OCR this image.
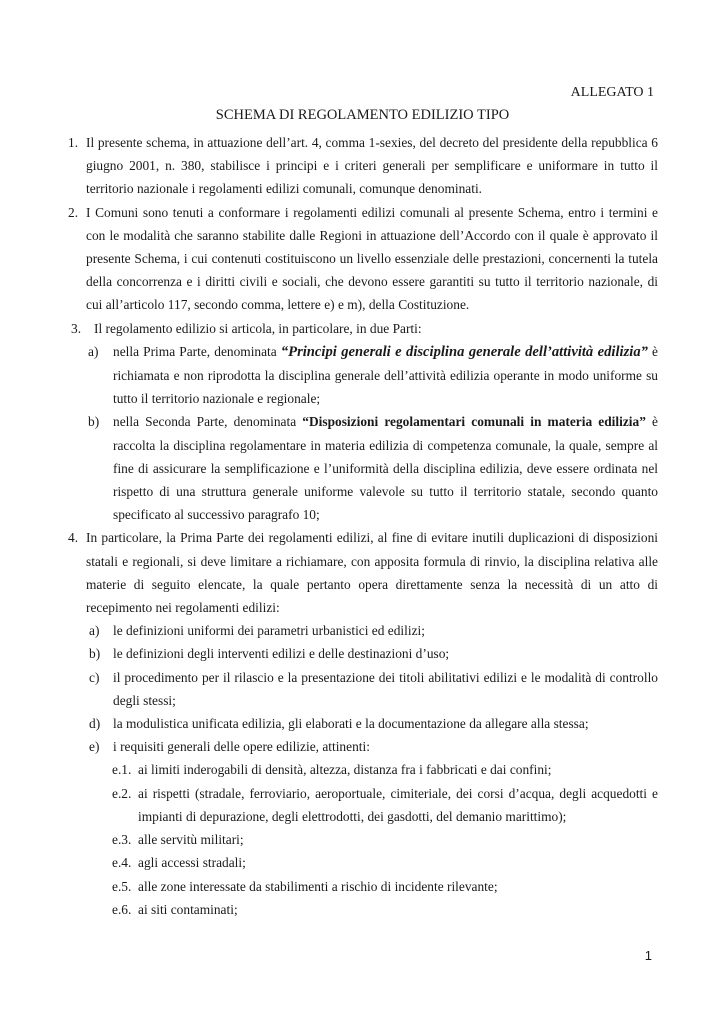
ALLEGATO 1
SCHEMA DI REGOLAMENTO EDILIZIO TIPO
1. Il presente schema, in attuazione dell’art. 4, comma 1-sexies, del decreto del presidente della repubblica 6
giugno 2001, n. 380, stabilisce i principi e i criteri generali per semplificare e uniformare in tutto il
territorio nazionale i regolamenti edilizi comunali, comunque denominati.
2. I Comuni sono tenuti a conformare i regolamenti edilizi comunali al presente Schema, entro i termini e
con le modalità che saranno stabilite dalle Regioni in attuazione dell’Accordo con il quale è approvato il
presente Schema, i cui contenuti costituiscono un livello essenziale delle prestazioni, concernenti la tutela
della concorrenza e i diritti civili e sociali, che devono essere garantiti su tutto il territorio nazionale, di
cui all’articolo 117, secondo comma, lettere e) e m), della Costituzione.
3. Il regolamento edilizio si articola, in particolare, in due Parti:
a) nella Prima Parte, denominata “Principi generali e disciplina generale dell’attività edilizia” è
richiamata e non riprodotta la disciplina generale dell’attività edilizia operante in modo uniforme su
tutto il territorio nazionale e regionale;
b) nella Seconda Parte, denominata “Disposizioni regolamentari comunali in materia edilizia” è
raccolta la disciplina regolamentare in materia edilizia di competenza comunale, la quale, sempre al
fine di assicurare la semplificazione e l’uniformità della disciplina edilizia, deve essere ordinata nel
rispetto di una struttura generale uniforme valevole su tutto il territorio statale, secondo quanto
specificato al successivo paragrafo 10;
4. In particolare, la Prima Parte dei regolamenti edilizi, al fine di evitare inutili duplicazioni di disposizioni
statali e regionali, si deve limitare a richiamare, con apposita formula di rinvio, la disciplina relativa alle
materie di seguito elencate, la quale pertanto opera direttamente senza la necessità di un atto di
recepimento nei regolamenti edilizi:
a) le definizioni uniformi dei parametri urbanistici ed edilizi;
b) le definizioni degli interventi edilizi e delle destinazioni d’uso;
c) il procedimento per il rilascio e la presentazione dei titoli abilitativi edilizi e le modalità di controllo
degli stessi;
d) la modulistica unificata edilizia, gli elaborati e la documentazione da allegare alla stessa;
e) i requisiti generali delle opere edilizie, attinenti:
e.1. ai limiti inderogabili di densità, altezza, distanza fra i fabbricati e dai confini;
e.2. ai rispetti (stradale, ferroviario, aeroportuale, cimiteriale, dei corsi d’acqua, degli acquedotti e
impianti di depurazione, degli elettrodotti, dei gasdotti, del demanio marittimo);
e.3. alle servitù militari;
e.4. agli accessi stradali;
e.5. alle zone interessate da stabilimenti a rischio di incidente rilevante;
e.6. ai siti contaminati;
1
